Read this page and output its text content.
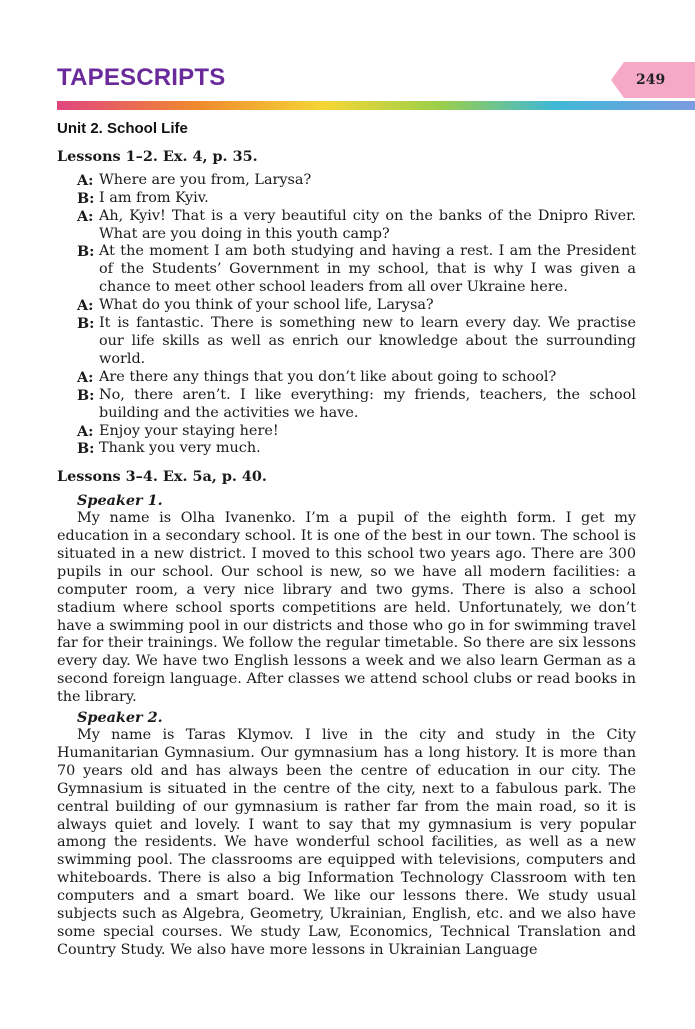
TAPESCRIPTS	249
Unit 2. School Life
Lessons 1–2. Ex. 4, p. 35.
A: Where are you from, Larysa?
B: I am from Kyiv.
A: Ah, Kyiv! That is a very beautiful city on the banks of the Dnipro River. What are you doing in this youth camp?
B: At the moment I am both studying and having a rest. I am the President of the Students’ Government in my school, that is why I was given a chance to meet other school leaders from all over Ukraine here.
A: What do you think of your school life, Larysa?
B: It is fantastic. There is something new to learn every day. We practise our life skills as well as enrich our knowledge about the surrounding world.
A: Are there any things that you don’t like about going to school?
B: No, there aren’t. I like everything: my friends, teachers, the school building and the activities we have.
A: Enjoy your staying here!
B: Thank you very much.
Lessons 3–4. Ex. 5a, p. 40.
Speaker 1.

My name is Olha Ivanenko. I’m a pupil of the eighth form. I get my education in a secondary school. It is one of the best in our town. The school is situated in a new district. I moved to this school two years ago. There are 300 pupils in our school. Our school is new, so we have all modern facilities: a computer room, a very nice library and two gyms. There is also a school stadium where school sports competitions are held. Unfortunately, we don’t have a swimming pool in our districts and those who go in for swimming travel far for their trainings. We follow the regular timetable. So there are six lessons every day. We have two English lessons a week and we also learn German as a second foreign language. After classes we attend school clubs or read books in the library.

Speaker 2.

My name is Taras Klymov. I live in the city and study in the City Humanitarian Gymnasium. Our gymnasium has a long history. It is more than 70 years old and has always been the centre of education in our city. The Gymnasium is situated in the centre of the city, next to a fabulous park. The central building of our gymnasium is rather far from the main road, so it is always quiet and lovely. I want to say that my gymnasium is very popular among the residents. We have wonderful school facilities, as well as a new swimming pool. The classrooms are equipped with televisions, computers and whiteboards. There is also a big Information Technology Classroom with ten computers and a smart board. We like our lessons there. We study usual subjects such as Algebra, Geometry, Ukrainian, English, etc. and we also have some special courses. We study Law, Economics, Technical Translation and Country Study. We also have more lessons in Ukrainian Language
